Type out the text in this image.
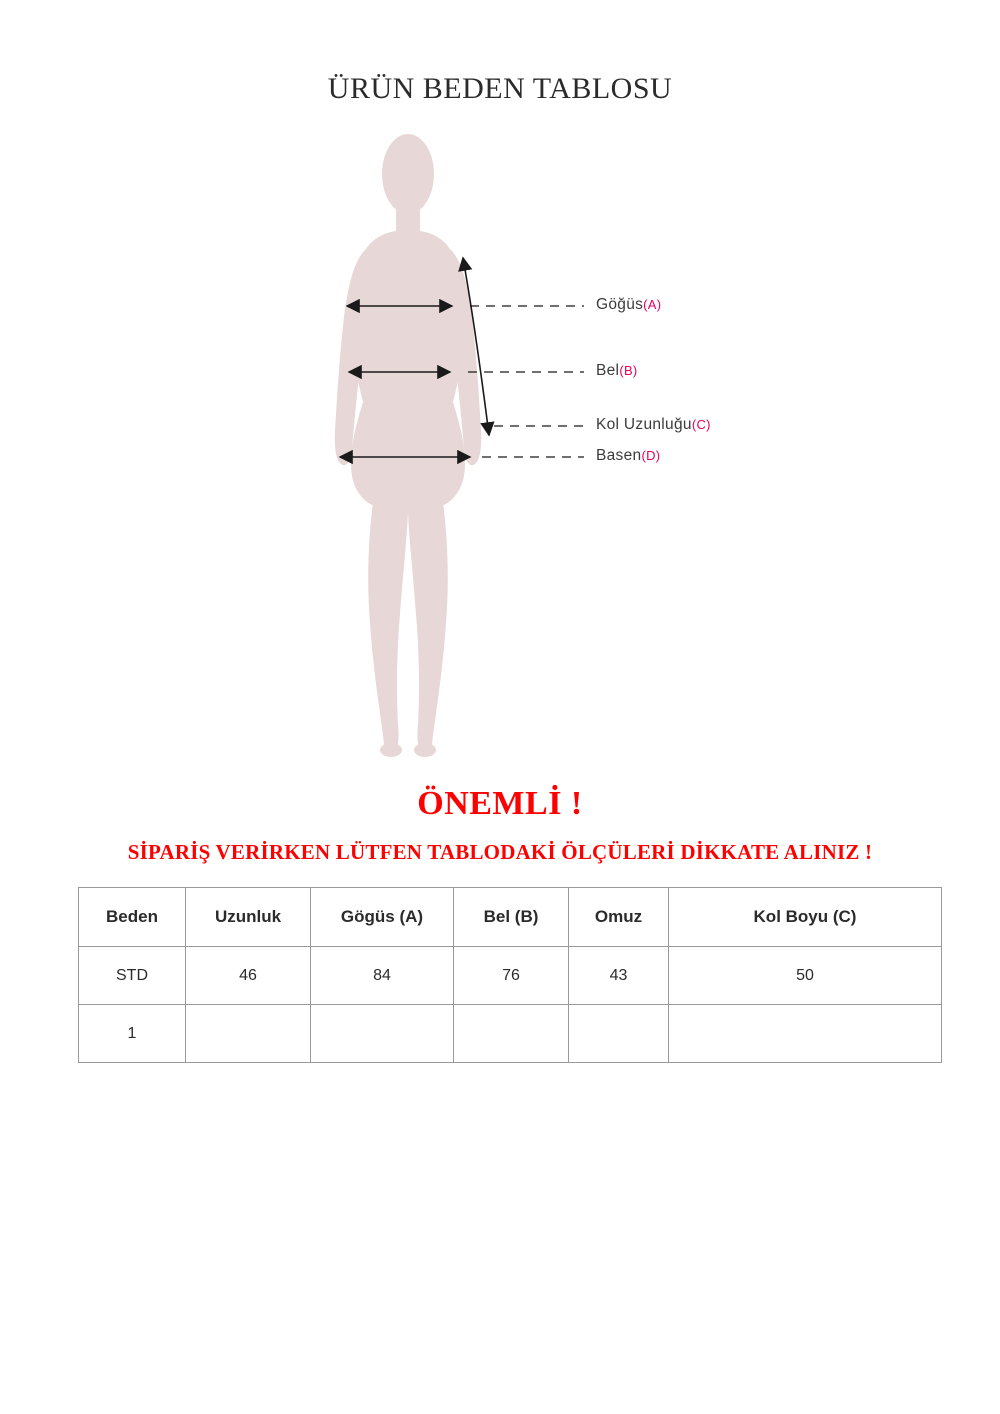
ÜRÜN BEDEN TABLOSU
Göğüs(A)
Bel(B)
Kol Uzunluğu(C)
Basen(D)
ÖNEMLİ !
SİPARİŞ VERİRKEN LÜTFEN TABLODAKİ ÖLÇÜLERİ DİKKATE ALINIZ !
Beden	Uzunluk	Gögüs (A)	Bel (B)	Omuz	Kol Boyu (C)
STD	46	84	76	43	50
1					
